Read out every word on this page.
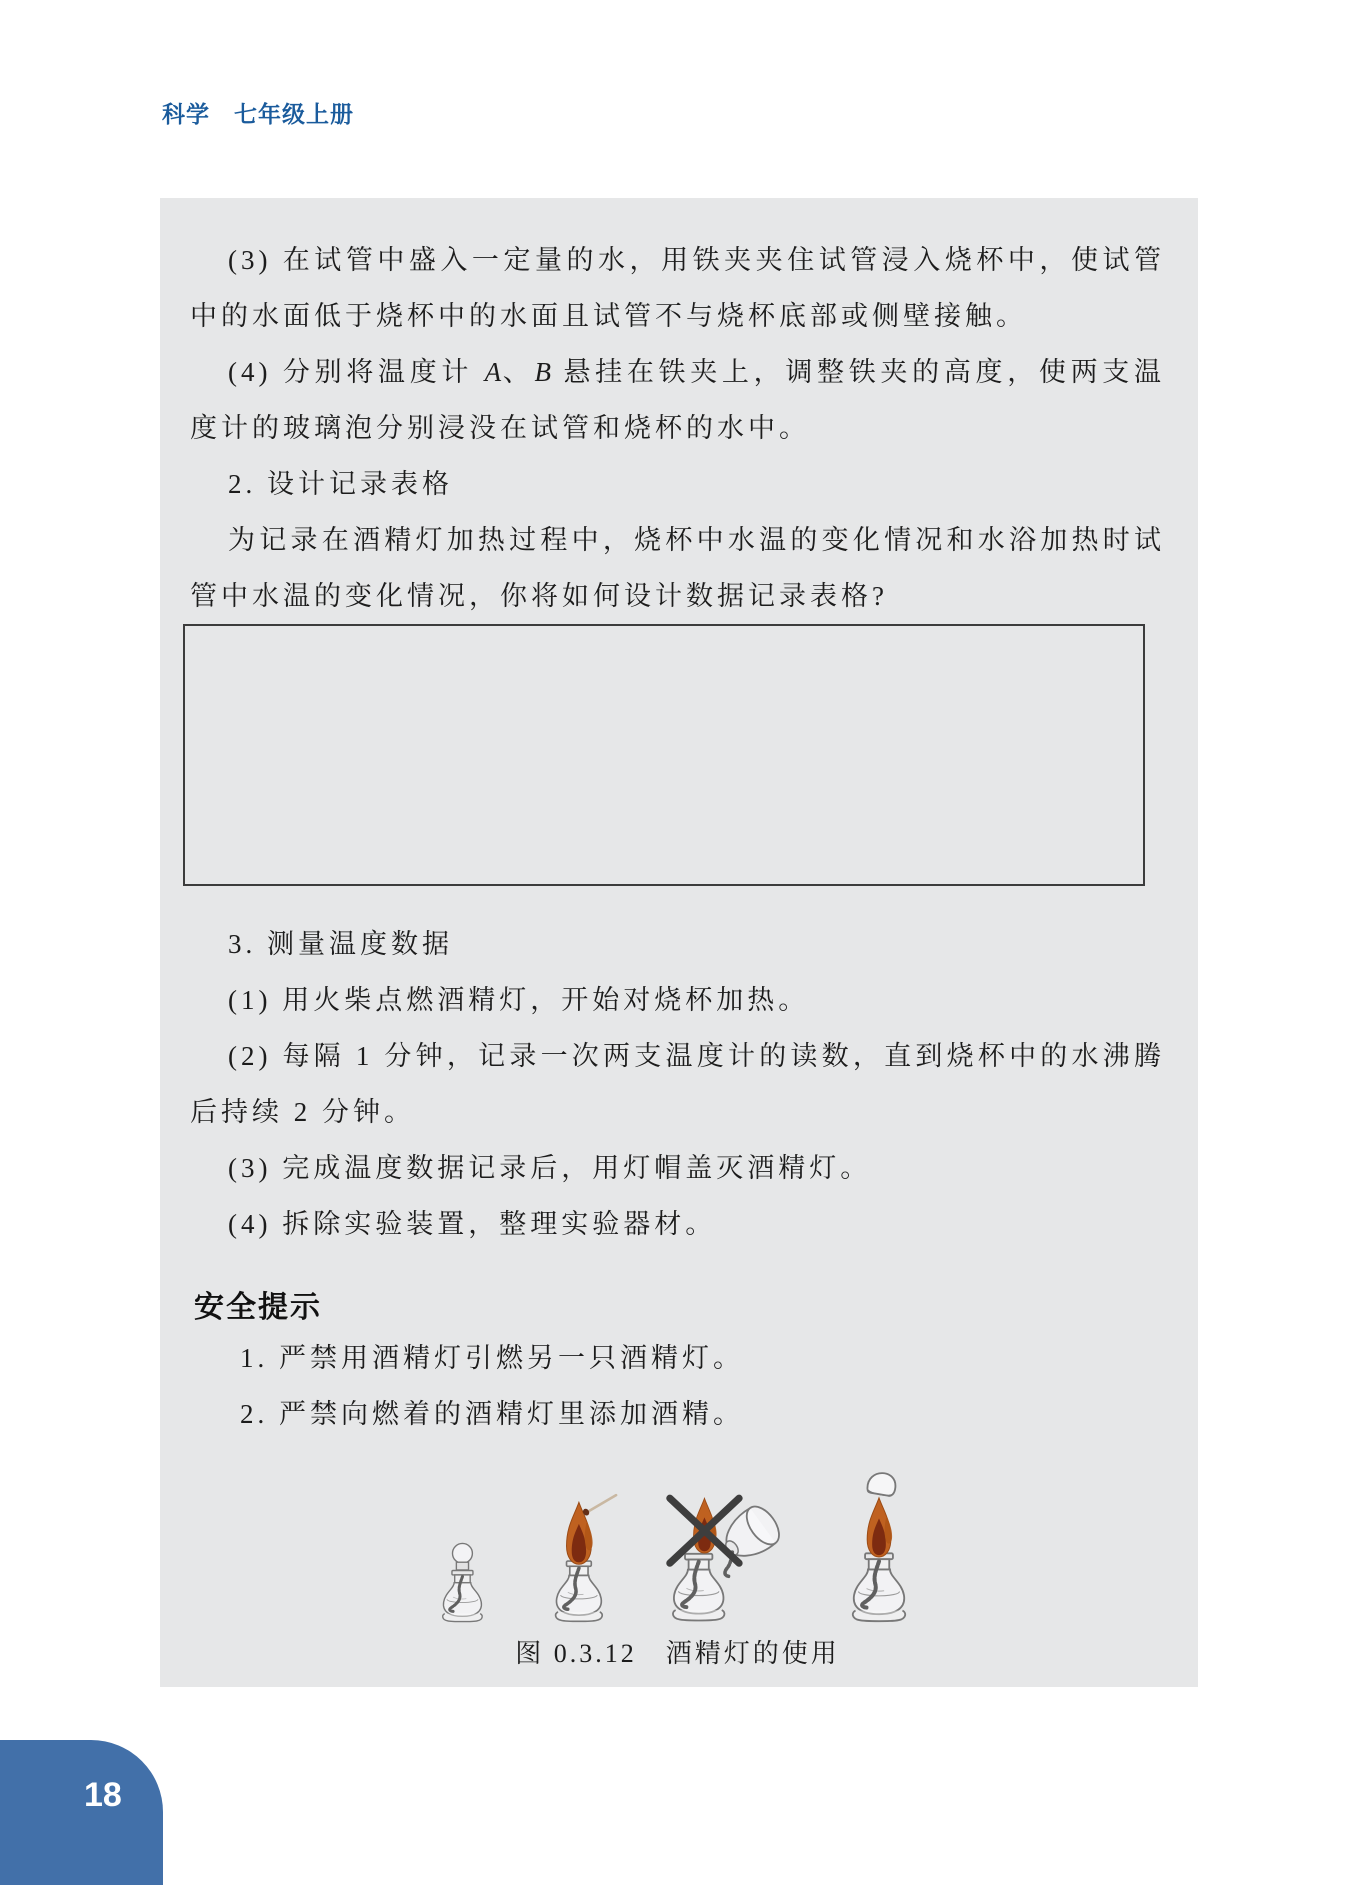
科学　七年级上册

(3) 在试管中盛入一定量的水，用铁夹夹住试管浸入烧杯中，使试管中的水面低于烧杯中的水面且试管不与烧杯底部或侧壁接触。

(4) 分别将温度计 A、B 悬挂在铁夹上，调整铁夹的高度，使两支温度计的玻璃泡分别浸没在试管和烧杯的水中。

2. 设计记录表格

为记录在酒精灯加热过程中，烧杯中水温的变化情况和水浴加热时试管中水温的变化情况，你将如何设计数据记录表格?

3. 测量温度数据

(1) 用火柴点燃酒精灯，开始对烧杯加热。

(2) 每隔 1 分钟，记录一次两支温度计的读数，直到烧杯中的水沸腾后持续 2 分钟。

(3) 完成温度数据记录后，用灯帽盖灭酒精灯。

(4) 拆除实验装置，整理实验器材。

安全提示

1. 严禁用酒精灯引燃另一只酒精灯。

2. 严禁向燃着的酒精灯里添加酒精。

图 0.3.12　酒精灯的使用
18
